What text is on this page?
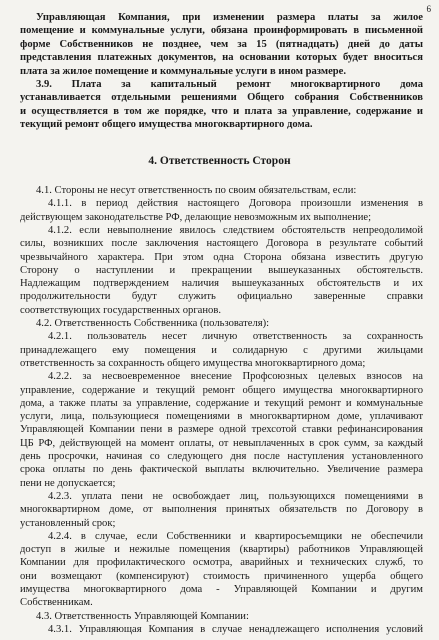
6
4. Ответственность Сторон
Управляющая Компания, при изменении размера платы за жилое
помещение и коммунальные услуги, обязана проинформировать в письменной
форме Собственников не позднее, чем за 15 (пятнадцать) дней до даты
представления платежных документов, на основании которых будет вноситься
плата за жилое помещение и коммунальные услуги в ином размере.
3.9. Плата за капитальный ремонт многоквартирного дома
устанавливается отдельными решениями Общего собрания Собственников
и осуществляется в том же порядке, что и плата за управление, содержание и
текущий ремонт общего имущества многоквартирного дома.
4.1. Стороны не несут ответственность по своим обязательствам, если:
4.1.1. в период действия настоящего Договора произошли изменения в
действующем законодательстве РФ, делающие невозможным их выполнение;
4.1.2. если невыполнение явилось следствием обстоятельств непреодолимой
силы, возникших после заключения настоящего Договора в результате событий
чрезвычайного характера. При этом одна Сторона обязана известить другую
Сторону о наступлении и прекращении вышеуказанных обстоятельств.
Надлежащим подтверждением наличия вышеуказанных обстоятельств и их
продолжительности будут служить официально заверенные справки
соответствующих государственных органов.
4.2. Ответственность Собственника (пользователя):
4.2.1. пользователь несет личную ответственность за сохранность
принадлежащего ему помещения и солидарную с другими жильцами
ответственность за сохранность общего имущества многоквартирного дома;
4.2.2. за несвоевременное внесение Профсоюзных целевых взносов на
управление, содержание и текущий ремонт общего имущества многоквартирного
дома, а также платы за управление, содержание и текущий ремонт и коммунальные
услуги, лица, пользующиеся помещениями в многоквартирном доме, уплачивают
Управляющей Компании пени в размере одной трехсотой ставки рефинансирования
ЦБ РФ, действующей на момент оплаты, от невыплаченных в срок сумм, за каждый
день просрочки, начиная со следующего дня после наступления установленного
срока оплаты по день фактической выплаты включительно. Увеличение размера
пени не допускается;
4.2.3. уплата пени не освобождает лиц, пользующихся помещениями в
многоквартирном доме, от выполнения принятых обязательств по Договору в
установленный срок;
4.2.4. в случае, если Собственники и квартиросъемщики не обеспечили
доступ в жилые и нежилые помещения (квартиры) работников Управляющей
Компании для профилактического осмотра, аварийных и технических служб, то
они возмещают (компенсируют) стоимость причиненного ущерба общего
имущества многоквартирного дома - Управляющей Компании и другим
Собственникам.
4.3. Ответственность Управляющей Компании:
4.3.1. Управляющая Компания в случае ненадлежащего исполнения условий
